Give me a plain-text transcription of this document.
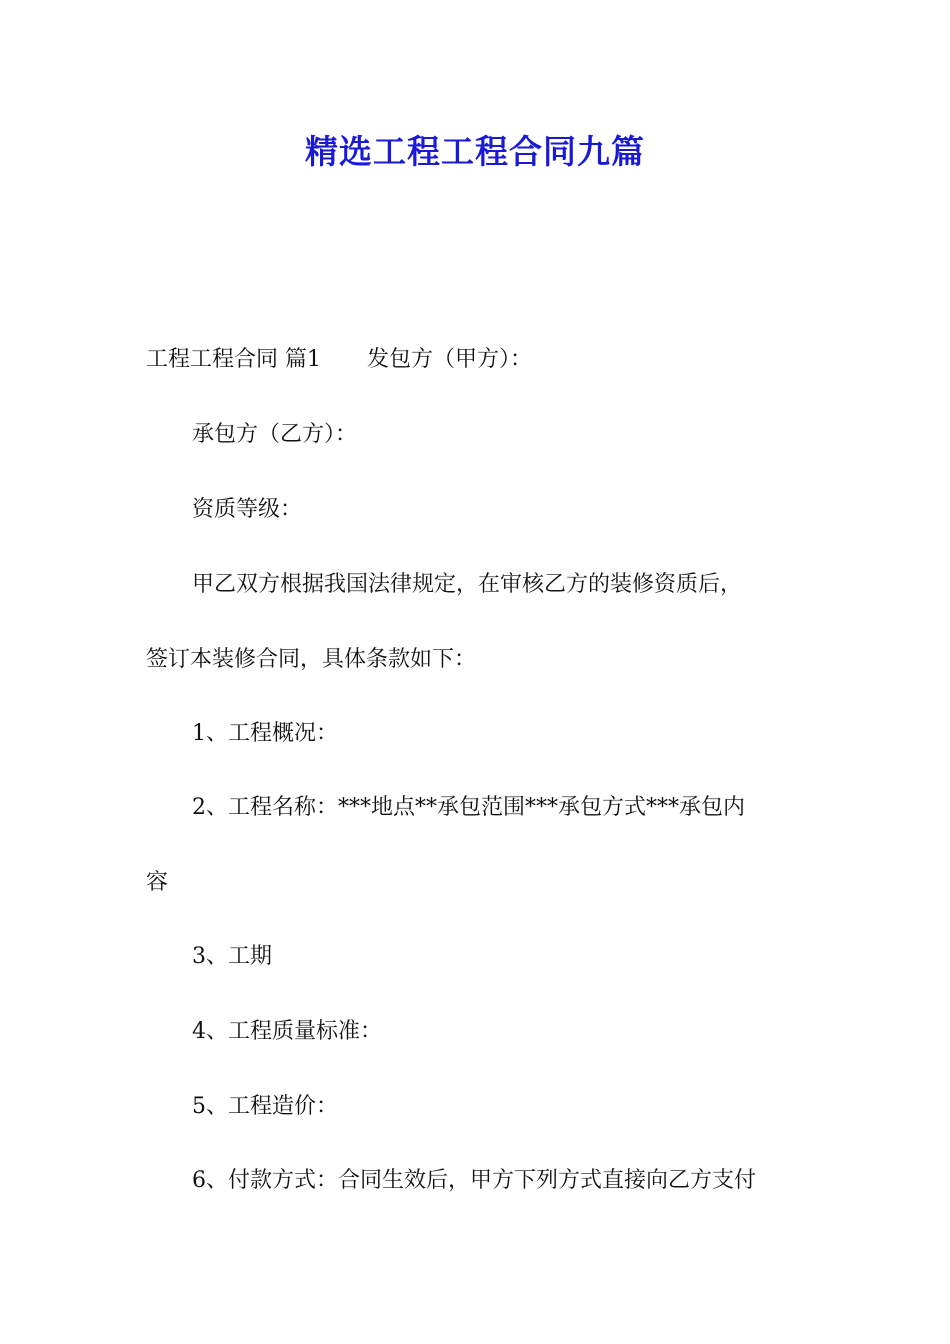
精选工程工程合同九篇

工程工程合同 篇1 发包方（甲方）：

承包方（乙方）：

资质等级：

甲乙双方根据我国法律规定，在审核乙方的装修资质后，

签订本装修合同，具体条款如下：

1、工程概况：

2、工程名称：***地点**承包范围***承包方式***承包内

容

3、工期

4、工程质量标准：

5、工程造价：

6、付款方式：合同生效后，甲方下列方式直接向乙方支付
